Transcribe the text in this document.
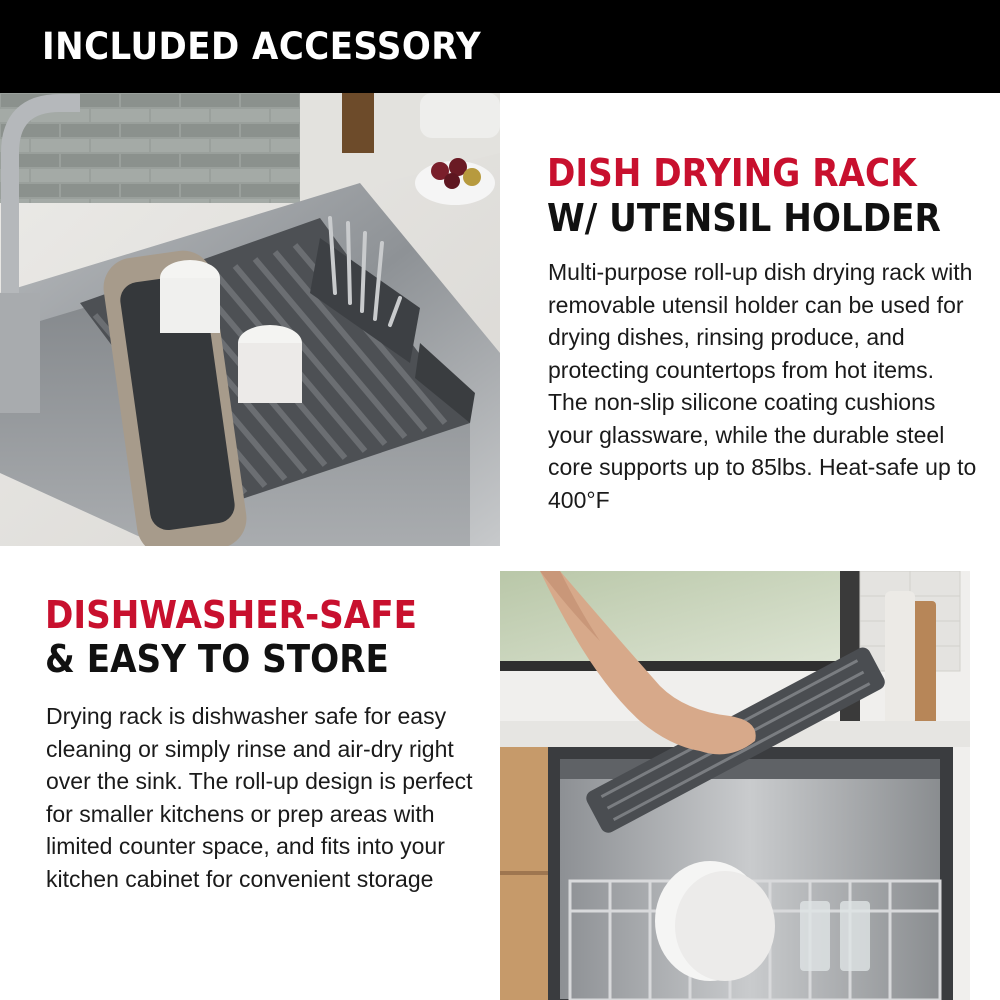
INCLUDED ACCESSORY
DISH DRYING RACK
W/ UTENSIL HOLDER

Multi-purpose roll-up dish drying rack with removable utensil holder can be used for drying dishes, rinsing produce, and protecting countertops from hot items. The non-slip silicone coating cushions your glassware, while the durable steel core supports up to 85lbs. Heat-safe up to 400°F

DISHWASHER-SAFE
& EASY TO STORE

Drying rack is dishwasher safe for easy cleaning or simply rinse and air-dry right over the sink. The roll-up design is perfect for smaller kitchens or prep areas with limited counter space, and fits into your kitchen cabinet for convenient storage
